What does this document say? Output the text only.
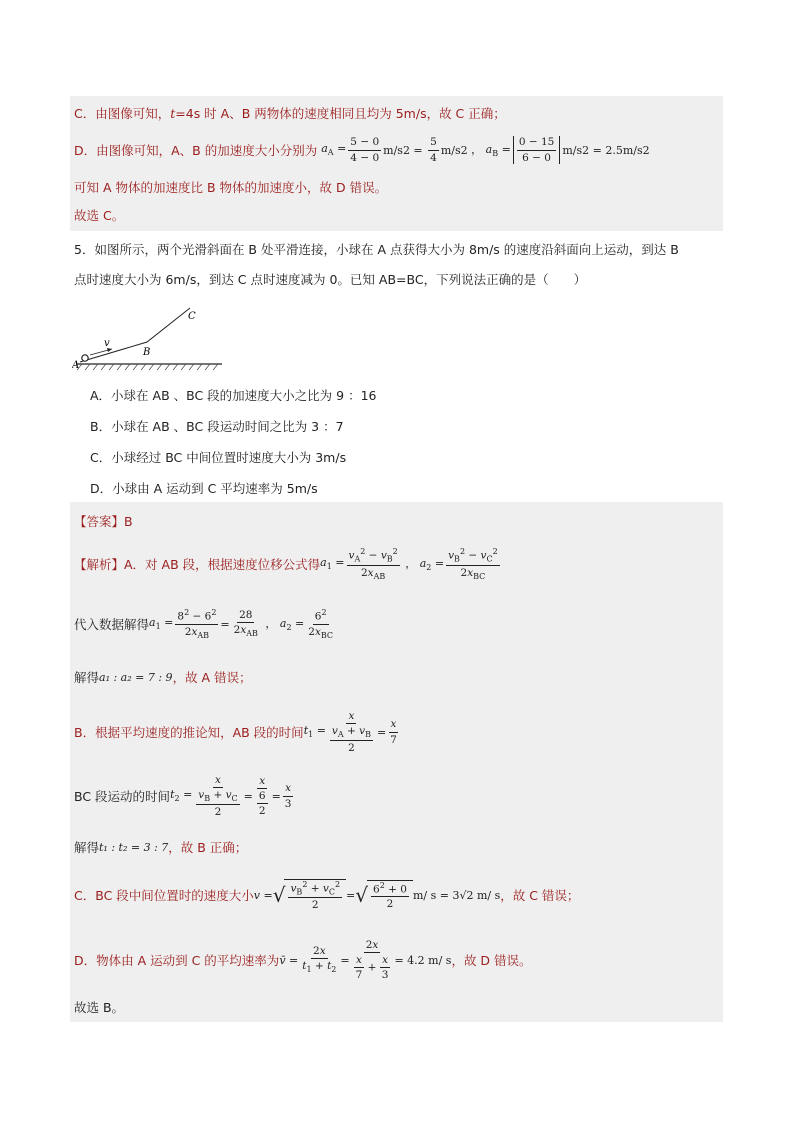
C．由图像可知， t =4s 时 A、B 两物体的速度相同且均为 5m/s，故 C 正确；
D．由图像可知，A、B 的加速度大小分别为 $a_A = \frac{5 - 0}{4 - 0} m/s$ $2 = \frac{5}{4} m/s$ 2 ， $a_B = \frac{0 - 15}{6 - 0} m/s$ 2
= 2.5m/s 2
可知 A 物体的加速度比 B 物体的加速度小，故 D 错误。
故选 C。
5．如图所示，两个光滑斜面在 B 处平滑连接，小球在 A 点获得大小为 8m/s 的速度沿斜面向上运动，到达 B
点时速度大小为 6m/s，到达 C 点时速度减为 0。已知 AB=BC，下列说法正确的是（　　）
A
B
C
v
A．小球在 AB 、BC 段的加速度大小之比为 9 ：16
B．小球在 AB 、BC 段运动时间之比为 3 ：7
C．小球经过 BC 中间位置时速度大小为 3m/s
D．小球由 A 运动到 C 平均速率为 5m/s
【答案】 B
【解析】A．对 AB 段，根据速度位移公式得 $a_1 = \frac{v_A^2 - v_B^2}{2x_{AB}}$ ， $a_2 = \frac{v_B^2 - v_C^2}{2x_{BC}}$
代入数据解得 $a_1 = \frac{8^2 - 6^2}{2x_{AB}} = \frac{28}{2x_{AB}}$ ， $a_2 = \frac{6^2}{2x_{BC}}$
解得 a₁ : a₂ = 7 : 9 ，故 A 错误；
B．根据平均速度的推论知，AB 段的时间 $t_1 = \frac{x}{\frac{v_A + v_B}{2}} = \frac{x}{7}$
BC 段运动的时间 $t_2 = \frac{x}{\frac{v_B + v_C}{2}} = \frac{x}{\frac{6}{2}} = \frac{x}{3}$
解得 t₁ : t₂ = 3 : 7 ，故 B 正确；
C．BC 段中间位置时的速度大小 v = √ $\frac{v_B^2 + v_C^2}{2}$ = √ $\frac{6^2 + 0}{2} m/$ s = 3√2 m/ s ，故 C 错误；
D．物体由 A 运动到 C 的平均速率为 v̄ = $\frac{2x}{t_1 + t_2} = \frac{2x}{\frac{x}{7} + \frac{x}{3}} = 4.2$ m/ s ，故 D 错误。
故选 B。
